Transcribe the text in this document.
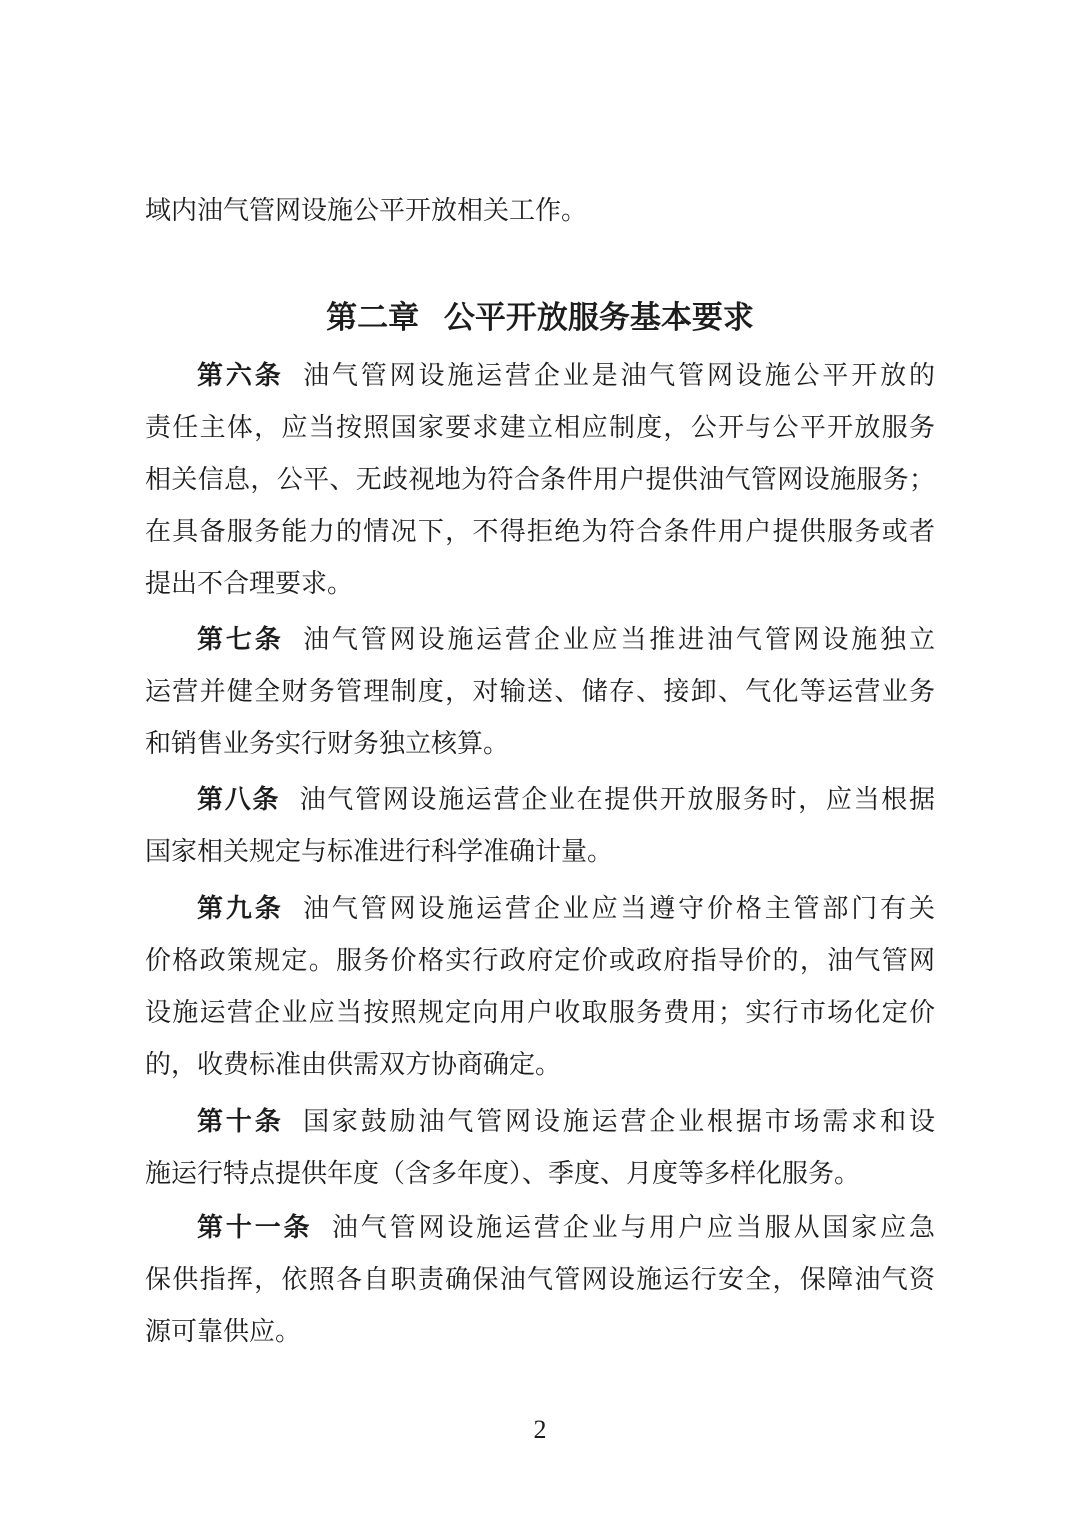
域内油气管网设施公平开放相关工作。
第二章 公平开放服务基本要求
第六条 油气管网设施运营企业是油气管网设施公平开放的
责任主体，应当按照国家要求建立相应制度，公开与公平开放服务
相关信息，公平、无歧视地为符合条件用户提供油气管网设施服务；
在具备服务能力的情况下，不得拒绝为符合条件用户提供服务或者
提出不合理要求。
第七条 油气管网设施运营企业应当推进油气管网设施独立
运营并健全财务管理制度，对输送、储存、接卸、气化等运营业务
和销售业务实行财务独立核算。
第八条 油气管网设施运营企业在提供开放服务时，应当根据
国家相关规定与标准进行科学准确计量。
第九条 油气管网设施运营企业应当遵守价格主管部门有关
价格政策规定。服务价格实行政府定价或政府指导价的，油气管网
设施运营企业应当按照规定向用户收取服务费用；实行市场化定价
的，收费标准由供需双方协商确定。
第十条 国家鼓励油气管网设施运营企业根据市场需求和设
施运行特点提供年度（含多年度）、季度、月度等多样化服务。
第十一条 油气管网设施运营企业与用户应当服从国家应急
保供指挥，依照各自职责确保油气管网设施运行安全，保障油气资
源可靠供应。
2
